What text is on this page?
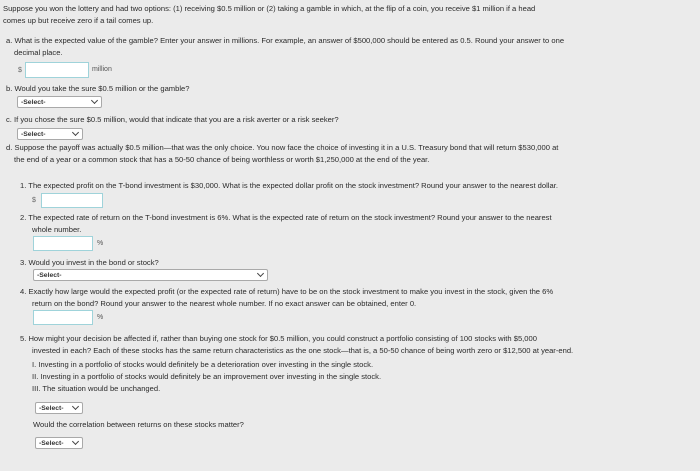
Suppose you won the lottery and had two options: (1) receiving $0.5 million or (2) taking a gamble in which, at the flip of a coin, you receive $1 million if a head
comes up but receive zero if a tail comes up.
a. What is the expected value of the gamble? Enter your answer in millions. For example, an answer of $500,000 should be entered as 0.5. Round your answer to one
decimal place.
$	million
b. Would you take the sure $0.5 million or the gamble?
-Select-
c. If you chose the sure $0.5 million, would that indicate that you are a risk averter or a risk seeker?
-Select-
d. Suppose the payoff was actually $0.5 million—that was the only choice. You now face the choice of investing it in a U.S. Treasury bond that will return $530,000 at
the end of a year or a common stock that has a 50-50 chance of being worthless or worth $1,250,000 at the end of the year.
1. The expected profit on the T-bond investment is $30,000. What is the expected dollar profit on the stock investment? Round your answer to the nearest dollar.
$
2. The expected rate of return on the T-bond investment is 6%. What is the expected rate of return on the stock investment? Round your answer to the nearest
whole number.
%
3. Would you invest in the bond or stock?
-Select-
4. Exactly how large would the expected profit (or the expected rate of return) have to be on the stock investment to make you invest in the stock, given the 6%
return on the bond? Round your answer to the nearest whole number. If no exact answer can be obtained, enter 0.
%
5. How might your decision be affected if, rather than buying one stock for $0.5 million, you could construct a portfolio consisting of 100 stocks with $5,000
invested in each? Each of these stocks has the same return characteristics as the one stock—that is, a 50-50 chance of being worth zero or $12,500 at year-end.
I. Investing in a portfolio of stocks would definitely be a deterioration over investing in the single stock.
II. Investing in a portfolio of stocks would definitely be an improvement over investing in the single stock.
III. The situation would be unchanged.
-Select-
Would the correlation between returns on these stocks matter?
-Select-
